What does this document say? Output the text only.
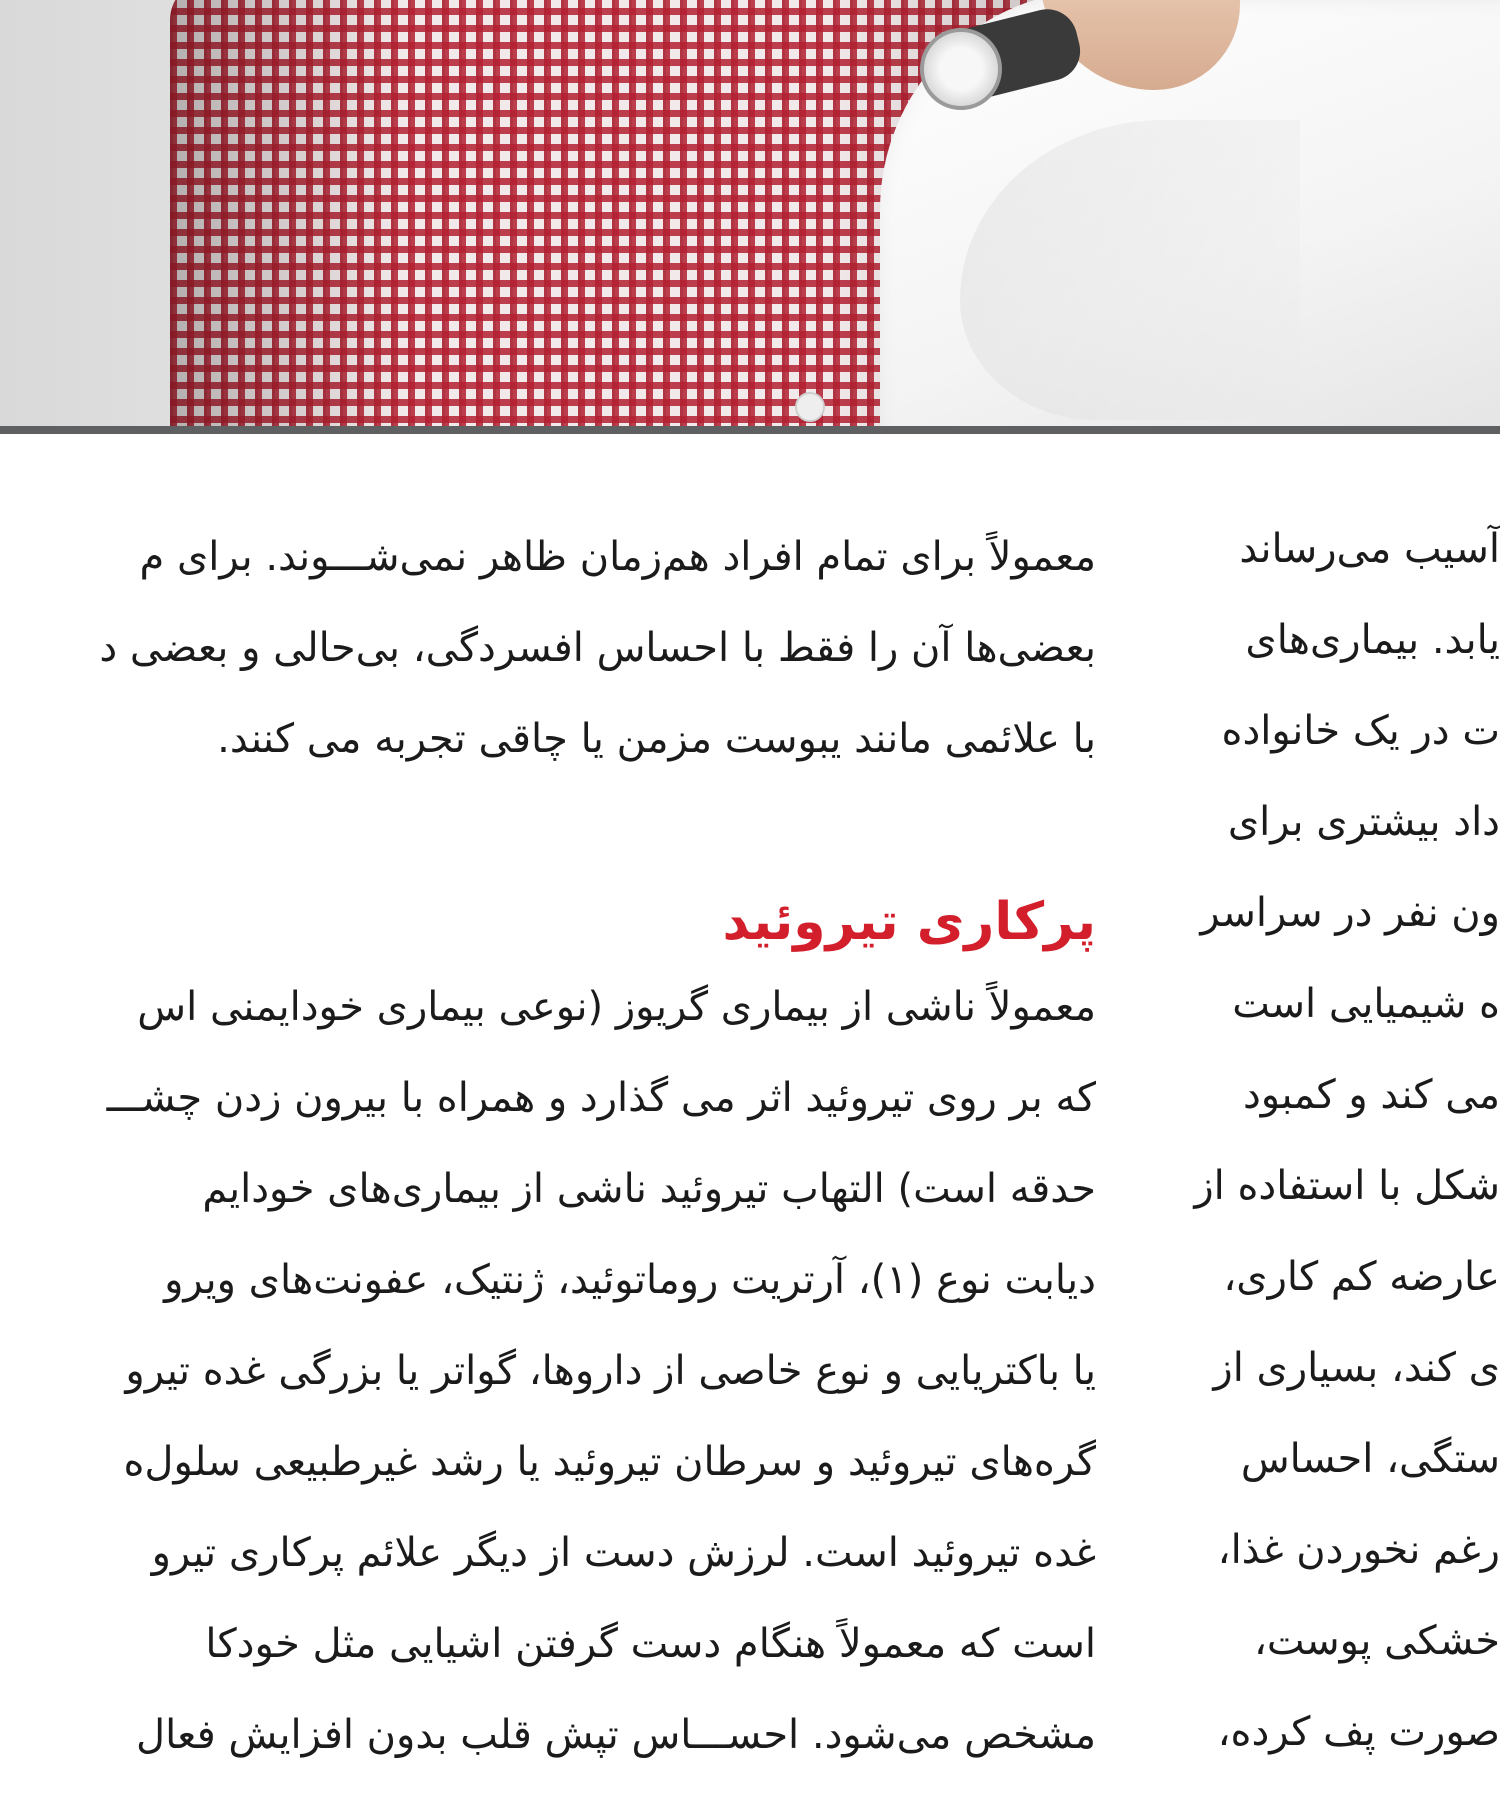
آسیب می‌رساند
یابد. بیماری‌های
ت در یک خانواده
داد بیشتری برای
ون نفر در سراسر
ه شیمیایی است
می کند و کمبود
شکل با استفاده از
عارضه کم کاری،
ی کند، بسیاری از
ستگی، احساس
رغم نخوردن غذا،
خشکی پوست،
صورت پف کرده،
معمولاً برای تمام افراد هم‌زمان ظاهر نمی‌شـــوند. برای م
بعضی‌ها آن را فقط با احساس افسردگی، بی‌حالی و بعضی د
با علائمی مانند یبوست مزمن یا چاقی تجربه می کنند.
پرکاری تیروئید
معمولاً ناشی از بیماری گریوز (نوعی بیماری خودایمنی اس
که بر روی تیروئید اثر می گذارد و همراه با بیرون زدن چشـــ
حدقه است) التهاب تیروئید ناشی از بیماری‌های خودایم
دیابت نوع (۱)، آرتریت روماتوئید، ژنتیک، عفونت‌های ویرو
یا باکتریایی و نوع خاصی از داروها، گواتر یا بزرگی غده تیرو
گره‌های تیروئید و سرطان تیروئید یا رشد غیرطبیعی سلول‌ه
غده تیروئید است. لرزش دست از دیگر علائم پرکاری تیرو
است که معمولاً هنگام دست گرفتن اشیایی مثل خودکا
مشخص می‌شود. احســـاس تپش قلب بدون افزایش فعال
